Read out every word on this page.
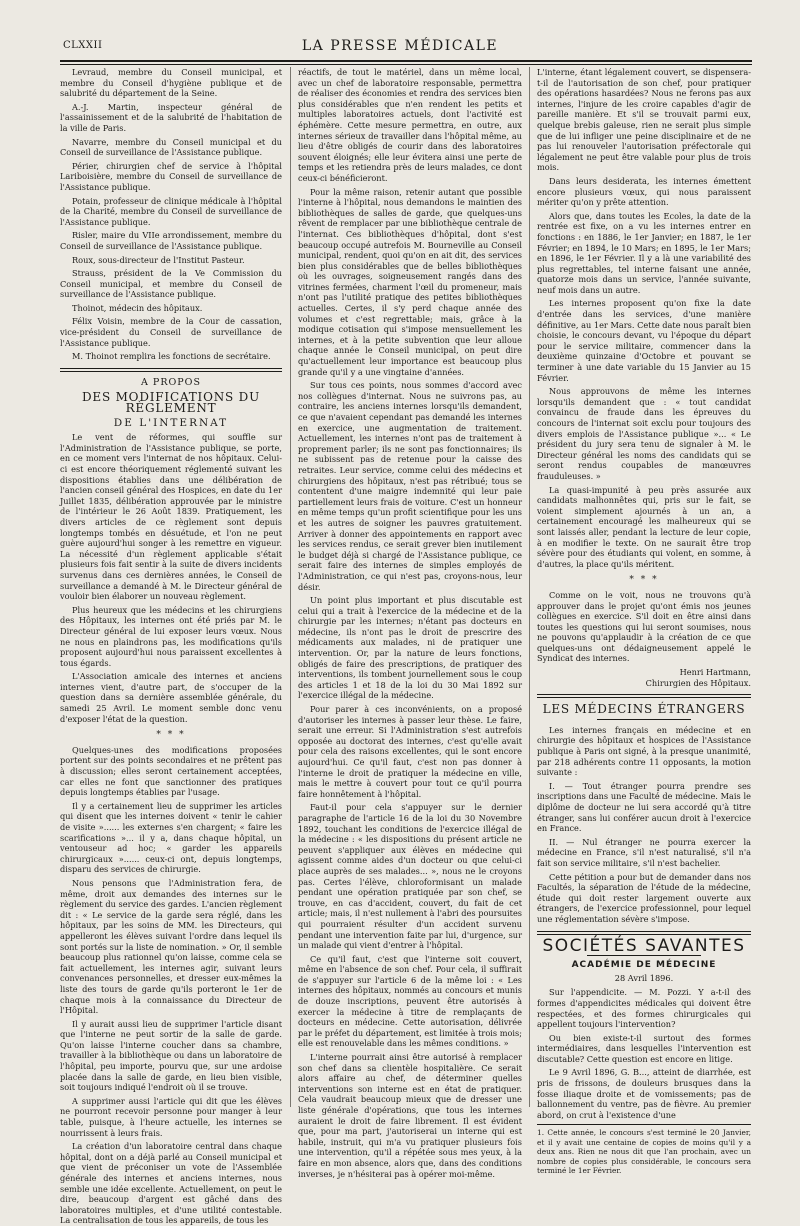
CLXXII	LA PRESSE MÉDICALE

Levraud, membre du Conseil municipal, et membre du Conseil d'hygiène publique et de salubrité du département de la Seine.

A.-J. Martin, inspecteur général de l'assainissement et de la salubrité de l'habitation de la ville de Paris.

Navarre, membre du Conseil municipal et du Conseil de surveillance de l'Assistance publique.

Périer, chirurgien chef de service à l'hôpital Lariboisière, membre du Conseil de surveillance de l'Assistance publique.

Potain, professeur de clinique médicale à l'hôpital de la Charité, membre du Conseil de surveillance de l'Assistance publique.

Risler, maire du VIIe arrondissement, membre du Conseil de surveillance de l'Assistance publique.

Roux, sous-directeur de l'Institut Pasteur.

Strauss, président de la Ve Commission du Conseil municipal, et membre du Conseil de surveillance de l'Assistance publique.

Thoinot, médecin des hôpitaux.

Félix Voisin, membre de la Cour de cassation, vice-président du Conseil de surveillance de l'Assistance publique.

M. Thoinot remplira les fonctions de secrétaire.

A PROPOS
DES MODIFICATIONS DU RÈGLEMENT
DE L'INTERNAT

Le vent de réformes, qui souffle sur l'Administration de l'Assistance publique, se porte, en ce moment vers l'internat de nos hôpitaux. Celui-ci est encore théoriquement réglementé suivant les dispositions établies dans une délibération de l'ancien conseil général des Hospices, en date du 1er Juillet 1835, délibération approuvée par le ministre de l'intérieur le 26 Août 1839. Pratiquement, les divers articles de ce règlement sont depuis longtemps tombés en désuétude, et l'on ne peut guère aujourd'hui songer à les remettre en vigueur. La nécessité d'un règlement applicable s'était plusieurs fois fait sentir à la suite de divers incidents survenus dans ces dernières années, le Conseil de surveillance a demandé à M. le Directeur général de vouloir bien élaborer un nouveau règlement.

Plus heureux que les médecins et les chirurgiens des Hôpitaux, les internes ont été priés par M. le Directeur général de lui exposer leurs vœux. Nous ne nous en plaindrons pas, les modifications qu'ils proposent aujourd'hui nous paraissent excellentes à tous égards.

L'Association amicale des internes et anciens internes vient, d'autre part, de s'occuper de la question dans sa dernière assemblée générale, du samedi 25 Avril. Le moment semble donc venu d'exposer l'état de la question.

* * *

Quelques-unes des modifications proposées portent sur des points secondaires et ne prêtent pas à discussion; elles seront certainement acceptées, car elles ne font que sanctionner des pratiques depuis longtemps établies par l'usage.

Il y a certainement lieu de supprimer les articles qui disent que les internes doivent « tenir le cahier de visite »...... les externes s'en chargent; « faire les scarifications »... il y a, dans chaque hôpital, un ventouseur ad hoc; « garder les appareils chirurgicaux »...... ceux-ci ont, depuis longtemps, disparu des services de chirurgie.

Nous pensons que l'Administration fera, de même, droit aux demandes des internes sur le règlement du service des gardes. L'ancien règlement dit : « Le service de la garde sera réglé, dans les hôpitaux, par les soins de MM. les Directeurs, qui appelleront les élèves suivant l'ordre dans lequel ils sont portés sur la liste de nomination. » Or, il semble beaucoup plus rationnel qu'on laisse, comme cela se fait actuellement, les internes agir, suivant leurs convenances personnelles, et dresser eux-mêmes la liste des tours de garde qu'ils porteront le 1er de chaque mois à la connaissance du Directeur de l'Hôpital.

Il y aurait aussi lieu de supprimer l'article disant que l'interne ne peut sortir de la salle de garde. Qu'on laisse l'interne coucher dans sa chambre, travailler à la bibliothèque ou dans un laboratoire de l'hôpital, peu importe, pourvu que, sur une ardoise placée dans la salle de garde, en lieu bien visible, soit toujours indiqué l'endroit où il se trouve.

A supprimer aussi l'article qui dit que les élèves ne pourront recevoir personne pour manger à leur table, puisque, à l'heure actuelle, les internes se nourrissent à leurs frais.

La création d'un laboratoire central dans chaque hôpital, dont on a déjà parlé au Conseil municipal et que vient de préconiser un vote de l'Assemblée générale des internes et anciens internes, nous semble une idée excellente. Actuellement, on peut le dire, beaucoup d'argent est gâché dans des laboratoires multiples, et d'une utilité contestable. La centralisation de tous les appareils, de tous les

réactifs, de tout le matériel, dans un même local, avec un chef de laboratoire responsable, permettra de réaliser des économies et rendra des services bien plus considérables que n'en rendent les petits et multiples laboratoires actuels, dont l'activité est éphémère. Cette mesure permettra, en outre, aux internes sérieux de travailler dans l'hôpital même, au lieu d'être obligés de courir dans des laboratoires souvent éloignés; elle leur évitera ainsi une perte de temps et les retiendra près de leurs malades, ce dont ceux-ci bénéficieront.

Pour la même raison, retenir autant que possible l'interne à l'hôpital, nous demandons le maintien des bibliothèques de salles de garde, que quelques-uns rêvent de remplacer par une bibliothèque centrale de l'internat. Ces bibliothèques d'hôpital, dont s'est beaucoup occupé autrefois M. Bourneville au Conseil municipal, rendent, quoi qu'on en ait dit, des services bien plus considérables que de belles bibliothèques où les ouvrages, soigneusement rangés dans des vitrines fermées, charment l'œil du promeneur, mais n'ont pas l'utilité pratique des petites bibliothèques actuelles. Certes, il s'y perd chaque année des volumes et c'est regrettable; mais, grâce à la modique cotisation qui s'impose mensuellement les internes, et à la petite subvention que leur alloue chaque année le Conseil municipal, on peut dire qu'actuellement leur importance est beaucoup plus grande qu'il y a une vingtaine d'années.

Sur tous ces points, nous sommes d'accord avec nos collègues d'internat. Nous ne suivrons pas, au contraire, les anciens internes lorsqu'ils demandent, ce que n'avaient cependant pas demandé les internes en exercice, une augmentation de traitement. Actuellement, les internes n'ont pas de traitement à proprement parler; ils ne sont pas fonctionnaires; ils ne subissent pas de retenue pour la caisse des retraites. Leur service, comme celui des médecins et chirurgiens des hôpitaux, n'est pas rétribué; tous se contentent d'une maigre indemnité qui leur paie partiellement leurs frais de voiture. C'est un honneur en même temps qu'un profit scientifique pour les uns et les autres de soigner les pauvres gratuitement. Arriver à donner des appointements en rapport avec les services rendus, ce serait grever bien inutilement le budget déjà si chargé de l'Assistance publique, ce serait faire des internes de simples employés de l'Administration, ce qui n'est pas, croyons-nous, leur désir.

Un point plus important et plus discutable est celui qui a trait à l'exercice de la médecine et de la chirurgie par les internes; n'étant pas docteurs en médecine, ils n'ont pas le droit de prescrire des médicaments aux malades, ni de pratiquer une intervention. Or, par la nature de leurs fonctions, obligés de faire des prescriptions, de pratiquer des interventions, ils tombent journellement sous le coup des articles 1 et 18 de la loi du 30 Mai 1892 sur l'exercice illégal de la médecine.

Pour parer à ces inconvénients, on a proposé d'autoriser les internes à passer leur thèse. Le faire, serait une erreur. Si l'Administration s'est autrefois opposée au doctorat des internes, c'est qu'elle avait pour cela des raisons excellentes, qui le sont encore aujourd'hui. Ce qu'il faut, c'est non pas donner à l'interne le droit de pratiquer la médecine en ville, mais le mettre à couvert pour tout ce qu'il pourra faire honnêtement à l'hôpital.

Faut-il pour cela s'appuyer sur le dernier paragraphe de l'article 16 de la loi du 30 Novembre 1892, touchant les conditions de l'exercice illégal de la médecine : « les dispositions du présent article ne peuvent s'appliquer aux élèves en médecine qui agissent comme aides d'un docteur ou que celui-ci place auprès de ses malades... », nous ne le croyons pas. Certes l'élève, chloroformisant un malade pendant une opération pratiquée par son chef, se trouve, en cas d'accident, couvert, du fait de cet article; mais, il n'est nullement à l'abri des poursuites qui pourraient résulter d'un accident survenu pendant une intervention faite par lui, d'urgence, sur un malade qui vient d'entrer à l'hôpital.

Ce qu'il faut, c'est que l'interne soit couvert, même en l'absence de son chef. Pour cela, il suffirait de s'appuyer sur l'article 6 de la même loi : « Les internes des hôpitaux, nommés au concours et munis de douze inscriptions, peuvent être autorisés à exercer la médecine à titre de remplaçants de docteurs en médecine. Cette autorisation, délivrée par le préfet du département, est limitée à trois mois; elle est renouvelable dans les mêmes conditions. »

L'interne pourrait ainsi être autorisé à remplacer son chef dans sa clientèle hospitalière. Ce serait alors affaire au chef, de déterminer quelles interventions son interne est en état de pratiquer. Cela vaudrait beaucoup mieux que de dresser une liste générale d'opérations, que tous les internes auraient le droit de faire librement. Il est évident que, pour ma part, j'autoriserai un interne qui est habile, instruit, qui m'a vu pratiquer plusieurs fois une intervention, qu'il a répétée sous mes yeux, à la faire en mon absence, alors que, dans des conditions inverses, je n'hésiterai pas à opérer moi-même.

L'interne, étant légalement couvert, se dispensera-t-il de l'autorisation de son chef, pour pratiquer des opérations hasardées? Nous ne ferons pas aux internes, l'injure de les croire capables d'agir de pareille manière. Et s'il se trouvait parmi eux, quelque brebis galeuse, rien ne serait plus simple que de lui infliger une peine disciplinaire et de ne pas lui renouveler l'autorisation préfectorale qui légalement ne peut être valable pour plus de trois mois.

Dans leurs desiderata, les internes émettent encore plusieurs vœux, qui nous paraissent mériter qu'on y prête attention.

Alors que, dans toutes les Ecoles, la date de la rentrée est fixe, on a vu les internes entrer en fonctions : en 1886, le 1er Janvier; en 1887, le 1er Février; en 1894, le 10 Mars; en 1895, le 1er Mars; en 1896, le 1er Février. Il y a là une variabilité des plus regrettables, tel interne faisant une année, quatorze mois dans un service, l'année suivante, neuf mois dans un autre.

Les internes proposent qu'on fixe la date d'entrée dans les services, d'une manière définitive, au 1er Mars. Cette date nous paraît bien choisie, le concours devant, vu l'époque du départ pour le service militaire, commencer dans la deuxième quinzaine d'Octobre et pouvant se terminer à une date variable du 15 Janvier au 15 Février.

Nous approuvons de même les internes lorsqu'ils demandent que : « tout candidat convaincu de fraude dans les épreuves du concours de l'internat soit exclu pour toujours des divers emplois de l'Assistance publique »... « Le président du jury sera tenu de signaler à M. le Directeur général les noms des candidats qui se seront rendus coupables de manœuvres frauduleuses. »

La quasi-impunité à peu près assurée aux candidats malhonnêtes qui, pris sur le fait, se voient simplement ajournés à un an, a certainement encouragé les malheureux qui se sont laissés aller, pendant la lecture de leur copie, à en modifier le texte. On ne saurait être trop sévère pour des étudiants qui volent, en somme, à d'autres, la place qu'ils méritent.

* * *

Comme on le voit, nous ne trouvons qu'à approuver dans le projet qu'ont émis nos jeunes collègues en exercice. S'il doit en être ainsi dans toutes les questions qui lui seront soumises, nous ne pouvons qu'applaudir à la création de ce que quelques-uns ont dédaigneusement appelé le Syndicat des internes.

Henri Hartmann,
Chirurgien des Hôpitaux.
LES MÉDECINS ÉTRANGERS

Les internes français en médecine et en chirurgie des hôpitaux et hospices de l'Assistance publique à Paris ont signé, à la presque unanimité, par 218 adhérents contre 11 opposants, la motion suivante :

I. — Tout étranger pourra prendre ses inscriptions dans une Faculté de médecine. Mais le diplôme de docteur ne lui sera accordé qu'à titre étranger, sans lui conférer aucun droit à l'exercice en France.

II. — Nul étranger ne pourra exercer la médecine en France, s'il n'est naturalisé, s'il n'a fait son service militaire, s'il n'est bachelier.

Cette pétition a pour but de demander dans nos Facultés, la séparation de l'étude de la médecine, étude qui doit rester largement ouverte aux étrangers, de l'exercice professionnel, pour lequel une réglementation sévère s'impose.

SOCIÉTÉS SAVANTES
ACADÉMIE DE MÉDECINE
28 Avril 1896.

Sur l'appendicite. — M. Pozzi. Y a-t-il des formes d'appendicites médicales qui doivent être respectées, et des formes chirurgicales qui appellent toujours l'intervention?

Ou bien existe-t-il surtout des formes intermédiaires, dans lesquelles l'intervention est discutable? Cette question est encore en litige.

Le 9 Avril 1896, G. B..., atteint de diarrhée, est pris de frissons, de douleurs brusques dans la fosse iliaque droite et de vomissements; pas de ballonnement du ventre, pas de fièvre. Au premier abord, on crut à l'existence d'une

1. Cette année, le concours s'est terminé le 20 Janvier, et il y avait une centaine de copies de moins qu'il y a deux ans. Rien ne nous dit que l'an prochain, avec un nombre de copies plus considérable, le concours sera terminé le 1er Février.
